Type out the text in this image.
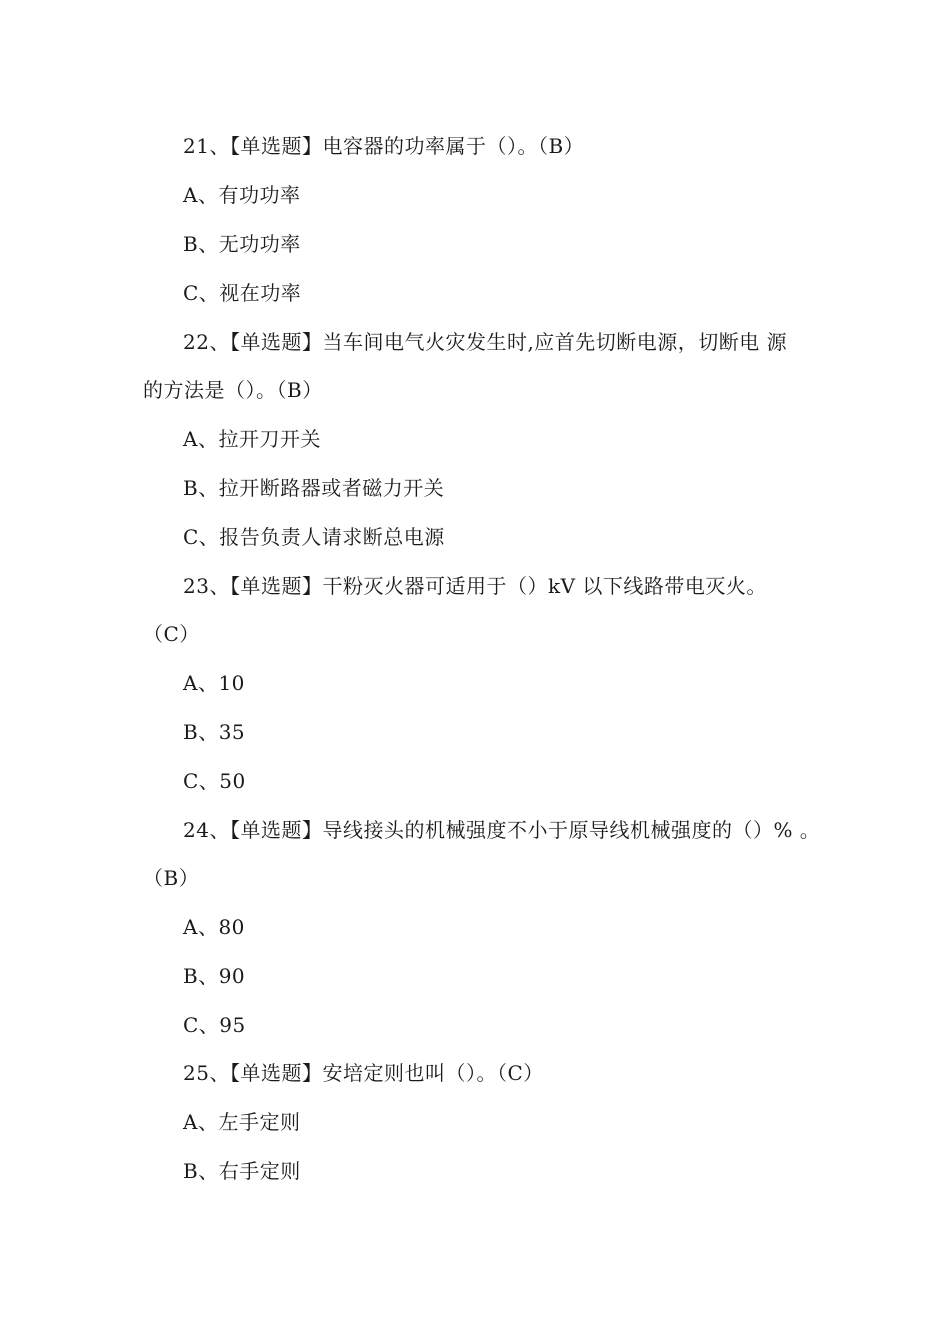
21、【单选题】电容器的功率属于（）。（B）

A、有功功率

B、无功功率

C、视在功率

22、【单选题】当车间电气火灾发生时,应首先切断电源，切断电 源

的方法是（）。（B）

A、拉开刀开关

B、拉开断路器或者磁力开关

C、报告负责人请求断总电源

23、【单选题】干粉灭火器可适用于（）kV 以下线路带电灭火。

（C）

A、10

B、35

C、50

24、【单选题】导线接头的机械强度不小于原导线机械强度的（）% 。

（B）

A、80

B、90

C、95

25、【单选题】安培定则也叫（）。（C）

A、左手定则

B、右手定则
